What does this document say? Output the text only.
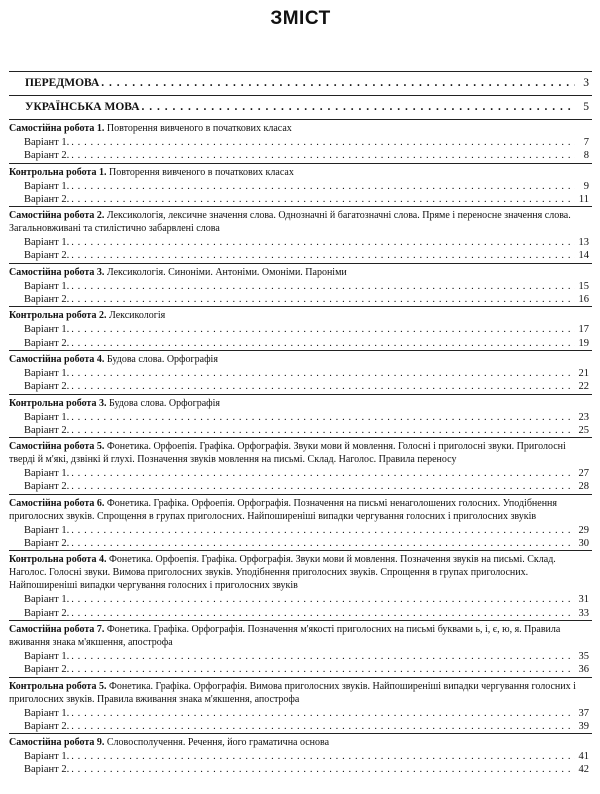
ЗМІСТ
ПЕРЕДМОВА . . .	3
УКРАЇНСЬКА МОВА . . .	5
Самостійна робота 1. Повторення вивченого в початкових класах
Варіант 1. . . .	7
Варіант 2. . . .	8
Контрольна робота 1. Повторення вивченого в початкових класах
Варіант 1. . . .	9
Варіант 2. . . .	11
Самостійна робота 2. Лексикологія, лексичне значення слова. Однозначні й багатозначні слова. Пряме і переносне значення слова. Загальновживані та стилістично забарвлені слова
Варіант 1. . . .	13
Варіант 2. . . .	14
Самостійна робота 3. Лексикологія. Синоніми. Антоніми. Омоніми. Пароніми
Варіант 1. . . .	15
Варіант 2. . . .	16
Контрольна робота 2. Лексикологія
Варіант 1. . . .	17
Варіант 2. . . .	19
Самостійна робота 4. Будова слова. Орфографія
Варіант 1. . . .	21
Варіант 2. . . .	22
Контрольна робота 3. Будова слова. Орфографія
Варіант 1. . . .	23
Варіант 2. . . .	25
Самостійна робота 5. Фонетика. Орфоепія. Графіка. Орфографія. Звуки мови й мовлення. Голосні і приголосні звуки. Приголосні тверді й м'які, дзвінкі й глухі. Позначення звуків мовлення на письмі. Склад. Наголос. Правила переносу
Варіант 1. . . .	27
Варіант 2. . . .	28
Самостійна робота 6. Фонетика. Графіка. Орфоепія. Орфографія. Позначення на письмі ненаголошених голосних. Уподібнення приголосних звуків. Спрощення в групах приголосних. Найпоширеніші випадки чергування голосних і приголосних звуків
Варіант 1. . . .	29
Варіант 2. . . .	30
Контрольна робота 4. Фонетика. Орфоепія. Графіка. Орфографія. Звуки мови й мовлення. Позначення звуків на письмі. Склад. Наголос. Голосні звуки. Вимова приголосних звуків. Уподібнення приголосних звуків. Спрощення в групах приголосних. Найпоширеніші випадки чергування голосних і приголосних звуків
Варіант 1. . . .	31
Варіант 2. . . .	33
Самостійна робота 7. Фонетика. Графіка. Орфографія. Позначення м'якості приголосних на письмі буквами ь, і, є, ю, я. Правила вживання знака м'якшення, апострофа
Варіант 1. . . .	35
Варіант 2. . . .	36
Контрольна робота 5. Фонетика. Графіка. Орфографія. Вимова приголосних звуків. Найпоширеніші випадки чергування голосних і приголосних звуків. Правила вживання знака м'якшення, апострофа
Варіант 1. . . .	37
Варіант 2. . . .	39
Самостійна робота 9. Словосполучення. Речення, його граматична основа
Варіант 1. . . .	41
Варіант 2. . . .	42
